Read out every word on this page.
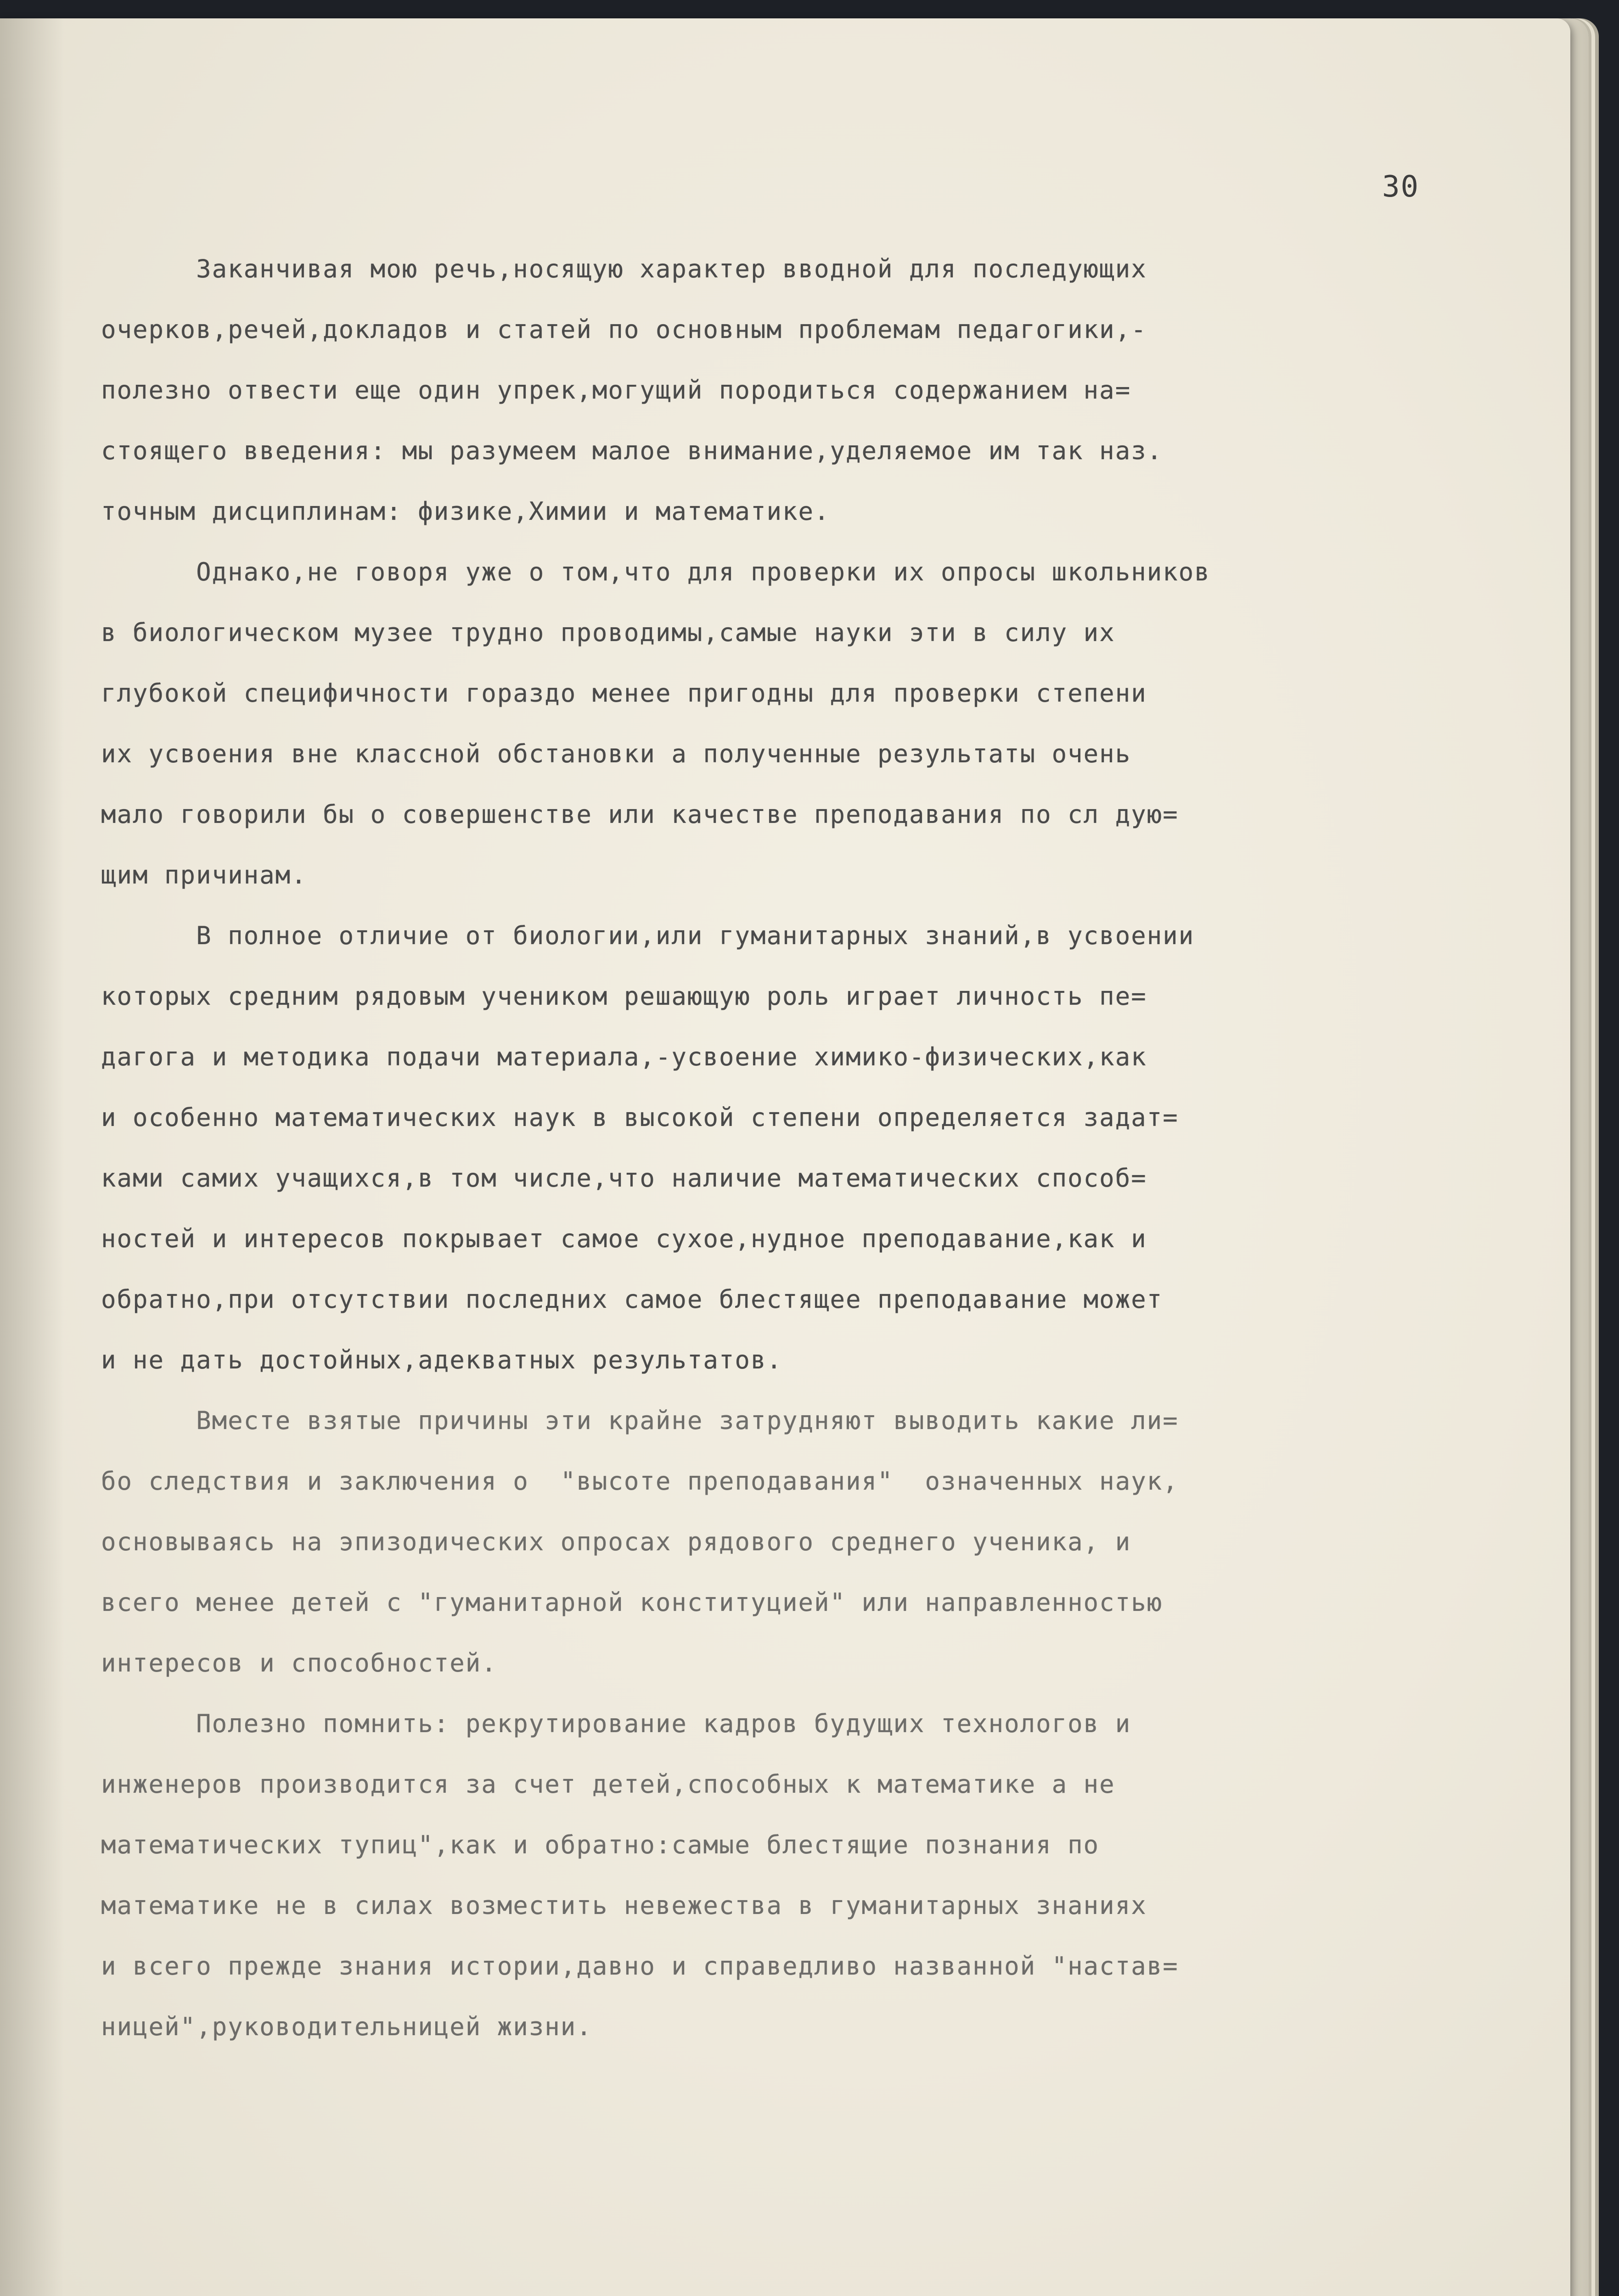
30
Заканчивая мою речь,носящую характер вводной для последующих
очерков,речей,докладов и статей по основным проблемам педагогики,-
полезно отвести еще один упрек,могущий породиться содержанием на=
стоящего введения: мы разумеем малое внимание,уделяемое им так наз.
точным дисциплинам: физике,Химии и математике.
Однако,не говоря уже о том,что для проверки их опросы школьников
в биологическом музее трудно проводимы,самые науки эти в силу их
глубокой специфичности гораздо менее пригодны для проверки степени
их усвоения вне классной обстановки а полученные результаты очень
мало говорили бы о совершенстве или качестве преподавания по сл дую=
щим причинам.
В полное отличие от биологии,или гуманитарных знаний,в усвоении
которых средним рядовым учеником решающую роль играет личность пе=
дагога и методика подачи материала,-усвоение химико-физических,как
и особенно математических наук в высокой степени определяется задат=
ками самих учащихся,в том числе,что наличие математических способ=
ностей и интересов покрывает самое сухое,нудное преподавание,как и
обратно,при отсутствии последних самое блестящее преподавание может
и не дать достойных,адекватных результатов.
Вместе взятые причины эти крайне затрудняют выводить какие ли=
бо следствия и заключения о  "высоте преподавания"  означенных наук,
основываясь на эпизодических опросах рядового среднего ученика, и
всего менее детей с "гуманитарной конституцией" или направленностью
интересов и способностей.
Полезно помнить: рекрутирование кадров будущих технологов и
инженеров производится за счет детей,способных к математике а не
математических тупиц",как и обратно:самые блестящие познания по
математике не в силах возместить невежества в гуманитарных знаниях
и всего прежде знания истории,давно и справедливо названной "настав=
ницей",руководительницей жизни.
